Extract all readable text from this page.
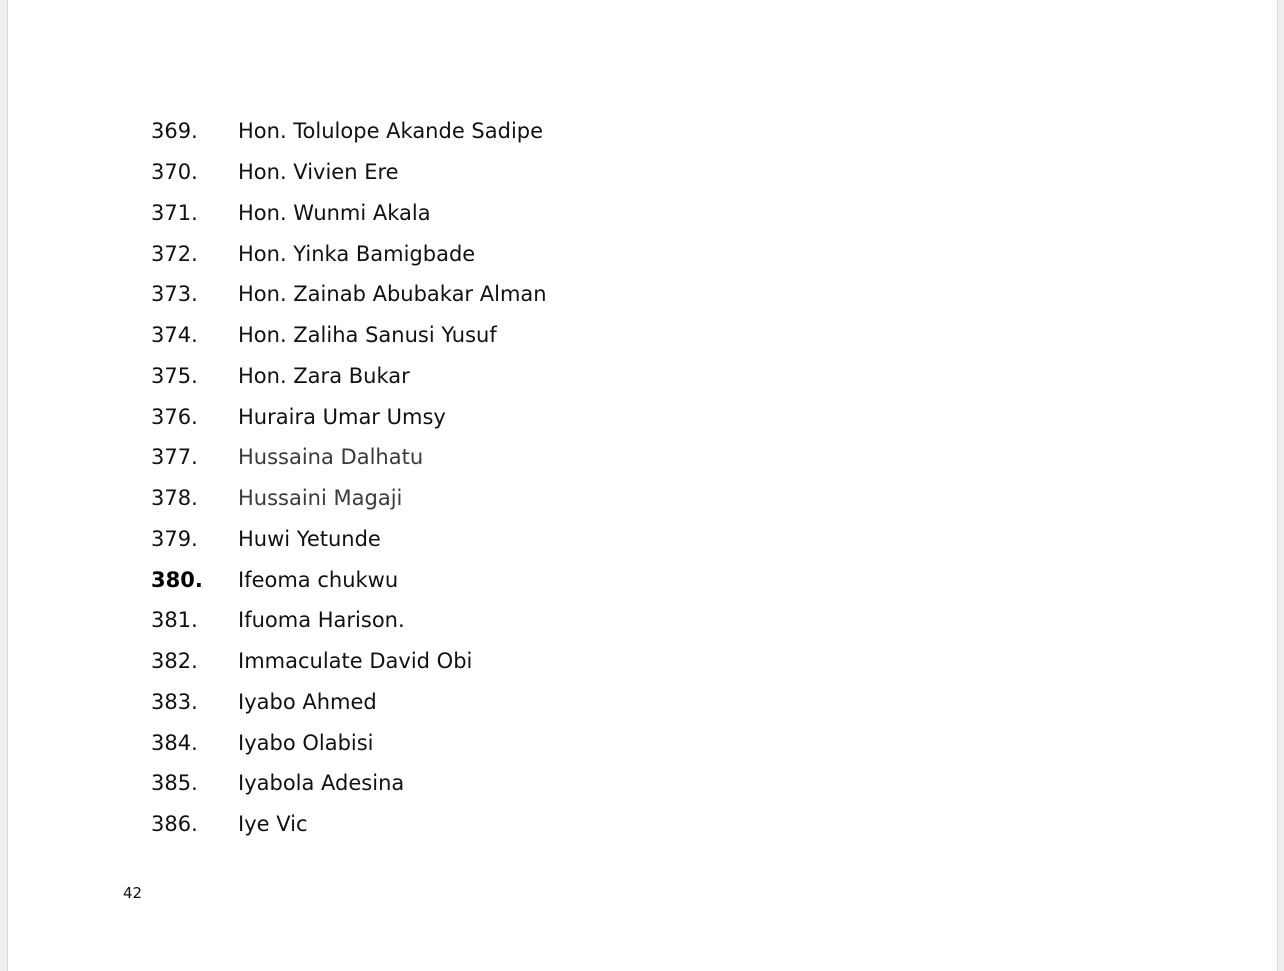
369.	Hon. Tolulope Akande Sadipe
370.	Hon. Vivien Ere
371.	Hon. Wunmi Akala
372.	Hon. Yinka Bamigbade
373.	Hon. Zainab Abubakar Alman
374.	Hon. Zaliha Sanusi Yusuf
375.	Hon. Zara Bukar
376.	Huraira Umar Umsy
377.	Hussaina Dalhatu
378.	Hussaini Magaji
379.	Huwi Yetunde
380.	Ifeoma chukwu
381.	Ifuoma Harison.
382.	Immaculate David Obi
383.	Iyabo Ahmed
384.	Iyabo Olabisi
385.	Iyabola Adesina
386.	Iye Vic
42
